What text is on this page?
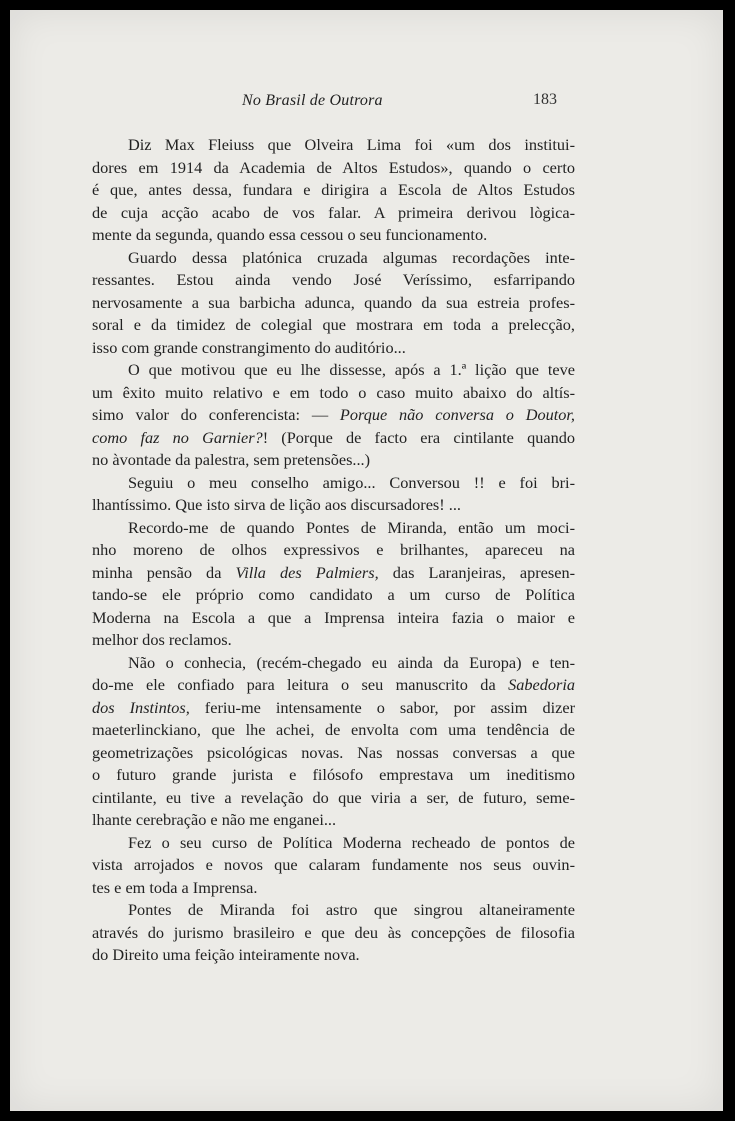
No Brasil de Outrora	183
Diz Max Fleiuss que Olveira Lima foi «um dos institui-
dores em 1914 da Academia de Altos Estudos», quando o certo
é que, antes dessa, fundara e dirigira a Escola de Altos Estudos
de cuja acção acabo de vos falar. A primeira derivou lògica-
mente da segunda, quando essa cessou o seu funcionamento.
Guardo dessa platónica cruzada algumas recordações inte-
ressantes. Estou ainda vendo José Veríssimo, esfarripando
nervosamente a sua barbicha adunca, quando da sua estreia profes-
soral e da timidez de colegial que mostrara em toda a prelecção,
isso com grande constrangimento do auditório...
O que motivou que eu lhe dissesse, após a 1.ª lição que teve
um êxito muito relativo e em todo o caso muito abaixo do altís-
simo valor do conferencista: — Porque não conversa o Doutor,
como faz no Garnier?! (Porque de facto era cintilante quando
no àvontade da palestra, sem pretensões...)
Seguiu o meu conselho amigo... Conversou !! e foi bri-
lhantíssimo. Que isto sirva de lição aos discursadores! ...
Recordo-me de quando Pontes de Miranda, então um moci-
nho moreno de olhos expressivos e brilhantes, apareceu na
minha pensão da Villa des Palmiers, das Laranjeiras, apresen-
tando-se ele próprio como candidato a um curso de Política
Moderna na Escola a que a Imprensa inteira fazia o maior e
melhor dos reclamos.
Não o conhecia, (recém-chegado eu ainda da Europa) e ten-
do-me ele confiado para leitura o seu manuscrito da Sabedoria
dos Instintos, feriu-me intensamente o sabor, por assim dizer
maeterlinckiano, que lhe achei, de envolta com uma tendência de
geometrizações psicológicas novas. Nas nossas conversas a que
o futuro grande jurista e filósofo emprestava um ineditismo
cintilante, eu tive a revelação do que viria a ser, de futuro, seme-
lhante cerebração e não me enganei...
Fez o seu curso de Política Moderna recheado de pontos de
vista arrojados e novos que calaram fundamente nos seus ouvin-
tes e em toda a Imprensa.
Pontes de Miranda foi astro que singrou altaneiramente
através do jurismo brasileiro e que deu às concepções de filosofia
do Direito uma feição inteiramente nova.
